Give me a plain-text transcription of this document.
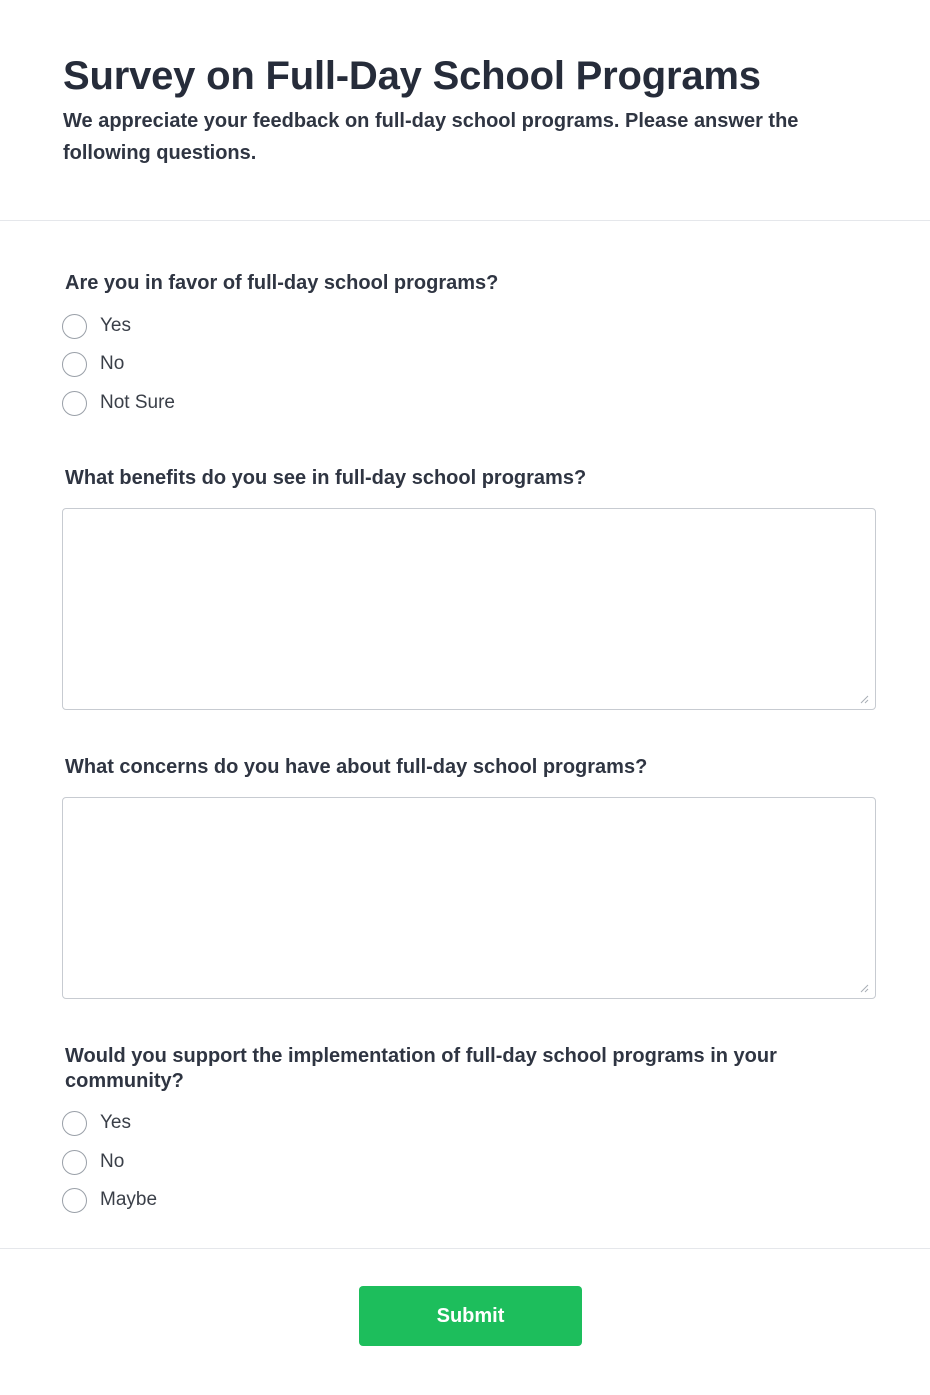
Survey on Full-Day School Programs

We appreciate your feedback on full-day school programs. Please answer the following questions.

Are you in favor of full-day school programs?
Yes
No
Not Sure
What benefits do you see in full-day school programs?
What concerns do you have about full-day school programs?
Would you support the implementation of full-day school programs in your community?
Yes
No
Maybe
Submit
